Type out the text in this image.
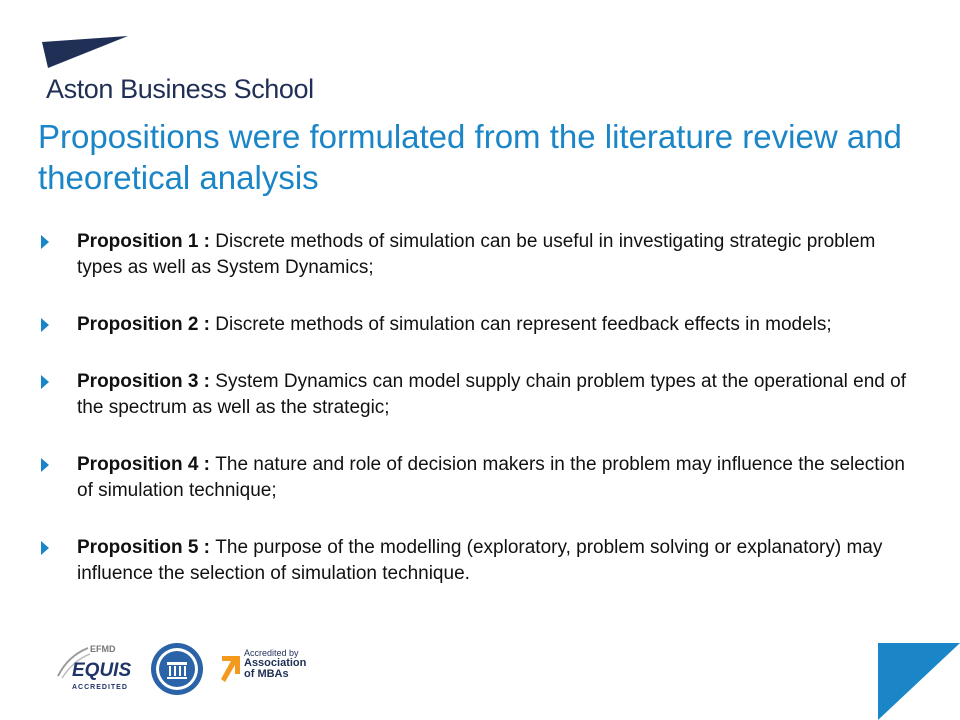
Aston Business School
Propositions were formulated from the literature review and theoretical analysis
Proposition 1 : Discrete methods of simulation can be useful in investigating strategic problem types as well as System Dynamics;
Proposition 2 : Discrete methods of simulation can represent feedback effects in models;
Proposition 3 : System Dynamics can model supply chain problem types at the operational end of the spectrum as well as the strategic;
Proposition 4 : The nature and role of decision makers in the problem may influence the selection of simulation technique;
Proposition 5 : The purpose of the modelling (exploratory, problem solving or explanatory) may influence the selection of simulation technique.
EFMD
EQUIS
ACCREDITED
Accredited by
Association
of MBAs
